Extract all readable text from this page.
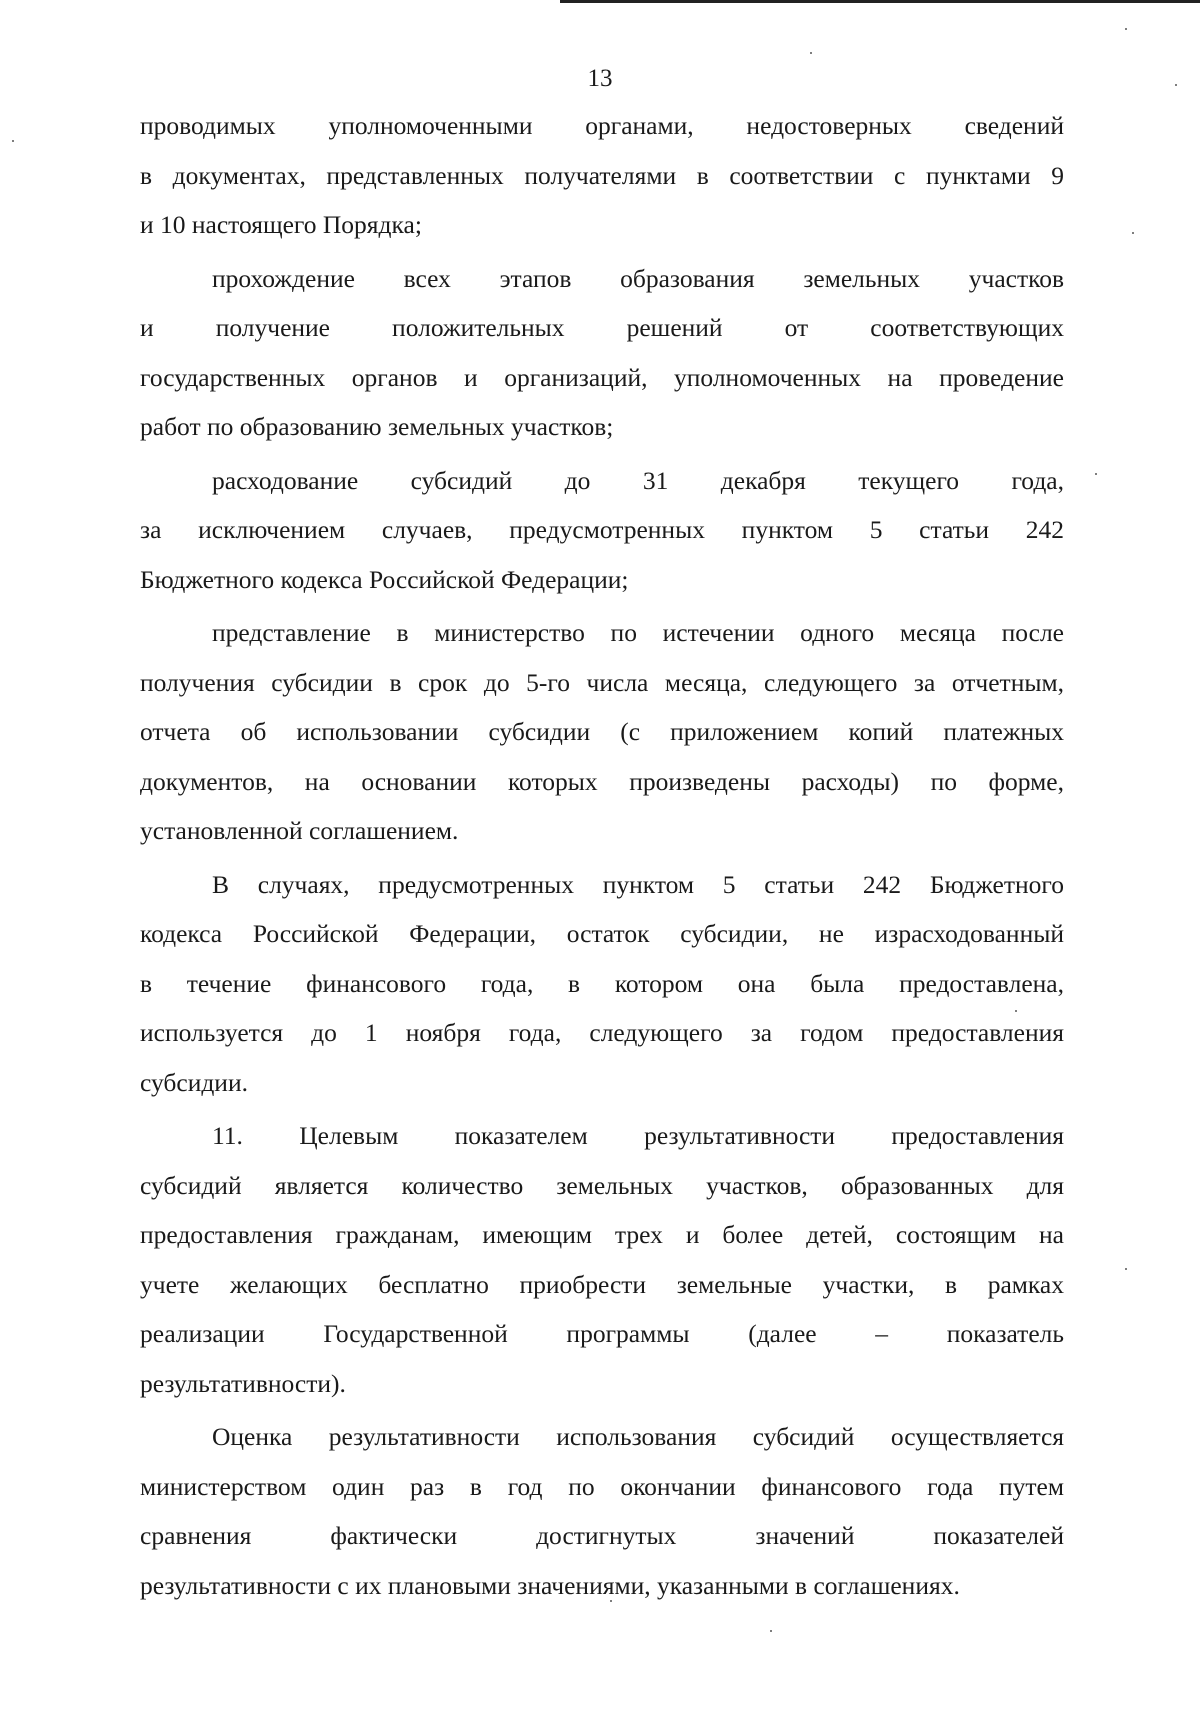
13

проводимых уполномоченными органами, недостоверных сведений
в документах, представленных получателями в соответствии с пунктами 9
и 10 настоящего Порядка;

прохождение всех этапов образования земельных участков
и получение положительных решений от соответствующих
государственных органов и организаций, уполномоченных на проведение
работ по образованию земельных участков;

расходование субсидий до 31 декабря текущего года,
за исключением случаев, предусмотренных пунктом 5 статьи 242
Бюджетного кодекса Российской Федерации;

представление в министерство по истечении одного месяца после
получения субсидии в срок до 5-го числа месяца, следующего за отчетным,
отчета об использовании субсидии (с приложением копий платежных
документов, на основании которых произведены расходы) по форме,
установленной соглашением.

В случаях, предусмотренных пунктом 5 статьи 242 Бюджетного
кодекса Российской Федерации, остаток субсидии, не израсходованный
в течение финансового года, в котором она была предоставлена,
используется до 1 ноября года, следующего за годом предоставления
субсидии.

11. Целевым показателем результативности предоставления
субсидий является количество земельных участков, образованных для
предоставления гражданам, имеющим трех и более детей, состоящим на
учете желающих бесплатно приобрести земельные участки, в рамках
реализации Государственной программы (далее – показатель
результативности).

Оценка результативности использования субсидий осуществляется
министерством один раз в год по окончании финансового года путем
сравнения фактически достигнутых значений показателей
результативности с их плановыми значениями, указанными в соглашениях.
